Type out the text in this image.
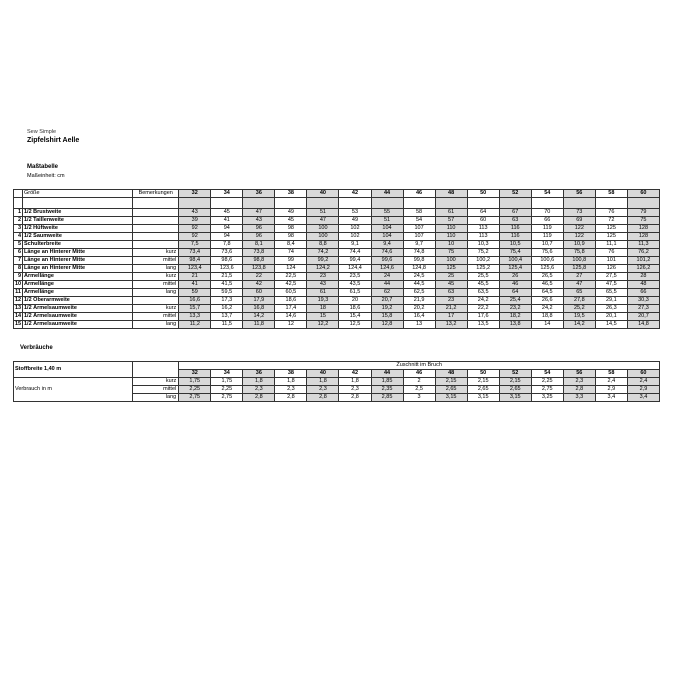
Sew Simple
Zipfelshirt Aelle
Maßtabelle
Maßeinheit: cm
	Größe	Bemerkungen	32	34	36	38	40	42	44	46	48	50	52	54	56	58	60

1	1/2 Brustweite		43	45	47	49	51	53	55	58	61	64	67	70	73	76	79
2	1/2 Taillenweite		39	41	43	45	47	49	51	54	57	60	63	66	69	72	75
3	1/2 Hüftweite		92	94	96	98	100	102	104	107	110	113	116	119	122	125	128
4	1/2 Saumweite		92	94	96	98	100	102	104	107	110	113	116	119	122	125	128
5	Schulterbreite		7,5	7,8	8,1	8,4	8,8	9,1	9,4	9,7	10	10,3	10,5	10,7	10,9	11,1	11,3
6	Länge an Hinterer Mitte	kurz	73,4	73,6	73,8	74	74,2	74,4	74,6	74,8	75	75,2	75,4	75,6	75,8	76	76,2
7	Länge an Hinterer Mitte	mittel	98,4	98,6	98,8	99	99,2	99,4	99,6	99,8	100	100,2	100,4	100,6	100,8	101	101,2
8	Länge an Hinterer Mitte	lang	123,4	123,6	123,8	124	124,2	124,4	124,6	124,8	125	125,2	125,4	125,6	125,8	126	126,2
9	Ärmellänge	kurz	21	21,5	22	22,5	23	23,5	24	24,5	25	25,5	26	26,5	27	27,5	28
10	Ärmellänge	mittel	41	41,5	42	42,5	43	43,5	44	44,5	45	45,5	46	46,5	47	47,5	48
11	Ärmellänge	lang	59	59,5	60	60,5	61	61,5	62	62,5	63	63,5	64	64,5	65	65,5	66
12	1/2 Oberarmweite		16,6	17,3	17,9	18,6	19,3	20	20,7	21,9	23	24,2	25,4	26,6	27,8	29,1	30,3
13	1/2 Ärmelsaumweite	kurz	15,7	16,2	16,8	17,4	18	18,6	19,2	20,2	21,2	22,2	23,2	24,2	25,2	26,3	27,3
14	1/2 Ärmelsaumweite	mittel	13,3	13,7	14,2	14,6	15	15,4	15,8	16,4	17	17,6	18,2	18,8	19,5	20,1	20,7
15	1/2 Ärmelsaumweite	lang	11,2	11,5	11,8	12	12,2	12,5	12,8	13	13,2	13,5	13,8	14	14,2	14,5	14,8
Verbräuche
Stoffbreite 1,40 m		Zuschnitt im Bruch														
		32	34	36	38	40	42	44	46	48	50	52	54	56	58	60
Verbrauch in m	kurz	1,75	1,75	1,8	1,8	1,8	1,8	1,85	2	2,15	2,15	2,15	2,25	2,3	2,4	2,4
	mittel	2,25	2,25	2,3	2,3	2,3	2,3	2,35	2,5	2,65	2,65	2,65	2,75	2,8	2,9	2,9
	lang	2,75	2,75	2,8	2,8	2,8	2,8	2,85	3	3,15	3,15	3,15	3,25	3,3	3,4	3,4
